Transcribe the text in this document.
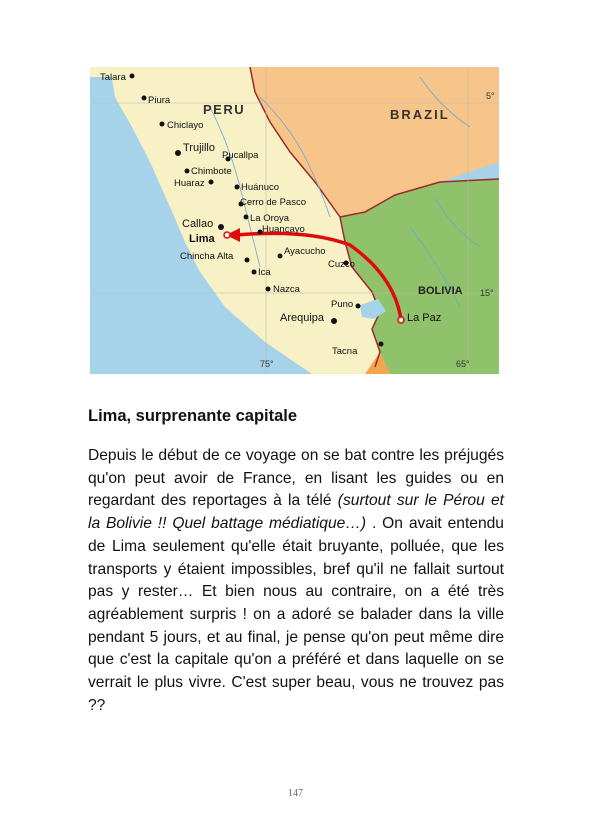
PERU	BRAZIL
BOLIVIA
Talara
Piura
Chiclayo
Trujillo
Chimbote
Pucallpa
Huaraz	Huánuco
Cerro de Pasco
La Oroya
Huancayo
Callao
Lima
Ayacucho
Cuzco
Chincha Alta
Ica
Nazca
Puno
La Paz
Arequipa
Tacna
5°
15°
75°	65°
Lima, surprenante capitale

Depuis le début de ce voyage on se bat contre les préjugés qu'on peut avoir de France, en lisant les guides ou en regardant des reportages à la télé (surtout sur le Pérou et la Bolivie !! Quel battage médiatique…) . On avait entendu de Lima seulement qu'elle était bruyante, polluée, que les transports y étaient impossibles, bref qu'il ne fallait surtout pas y rester… Et bien nous au contraire, on a été très agréablement surpris ! on a adoré se balader dans la ville pendant 5 jours, et au final, je pense qu'on peut même dire que c'est la capitale qu'on a préféré et dans laquelle on se verrait le plus vivre. C'est super beau, vous ne trouvez pas ??

147
